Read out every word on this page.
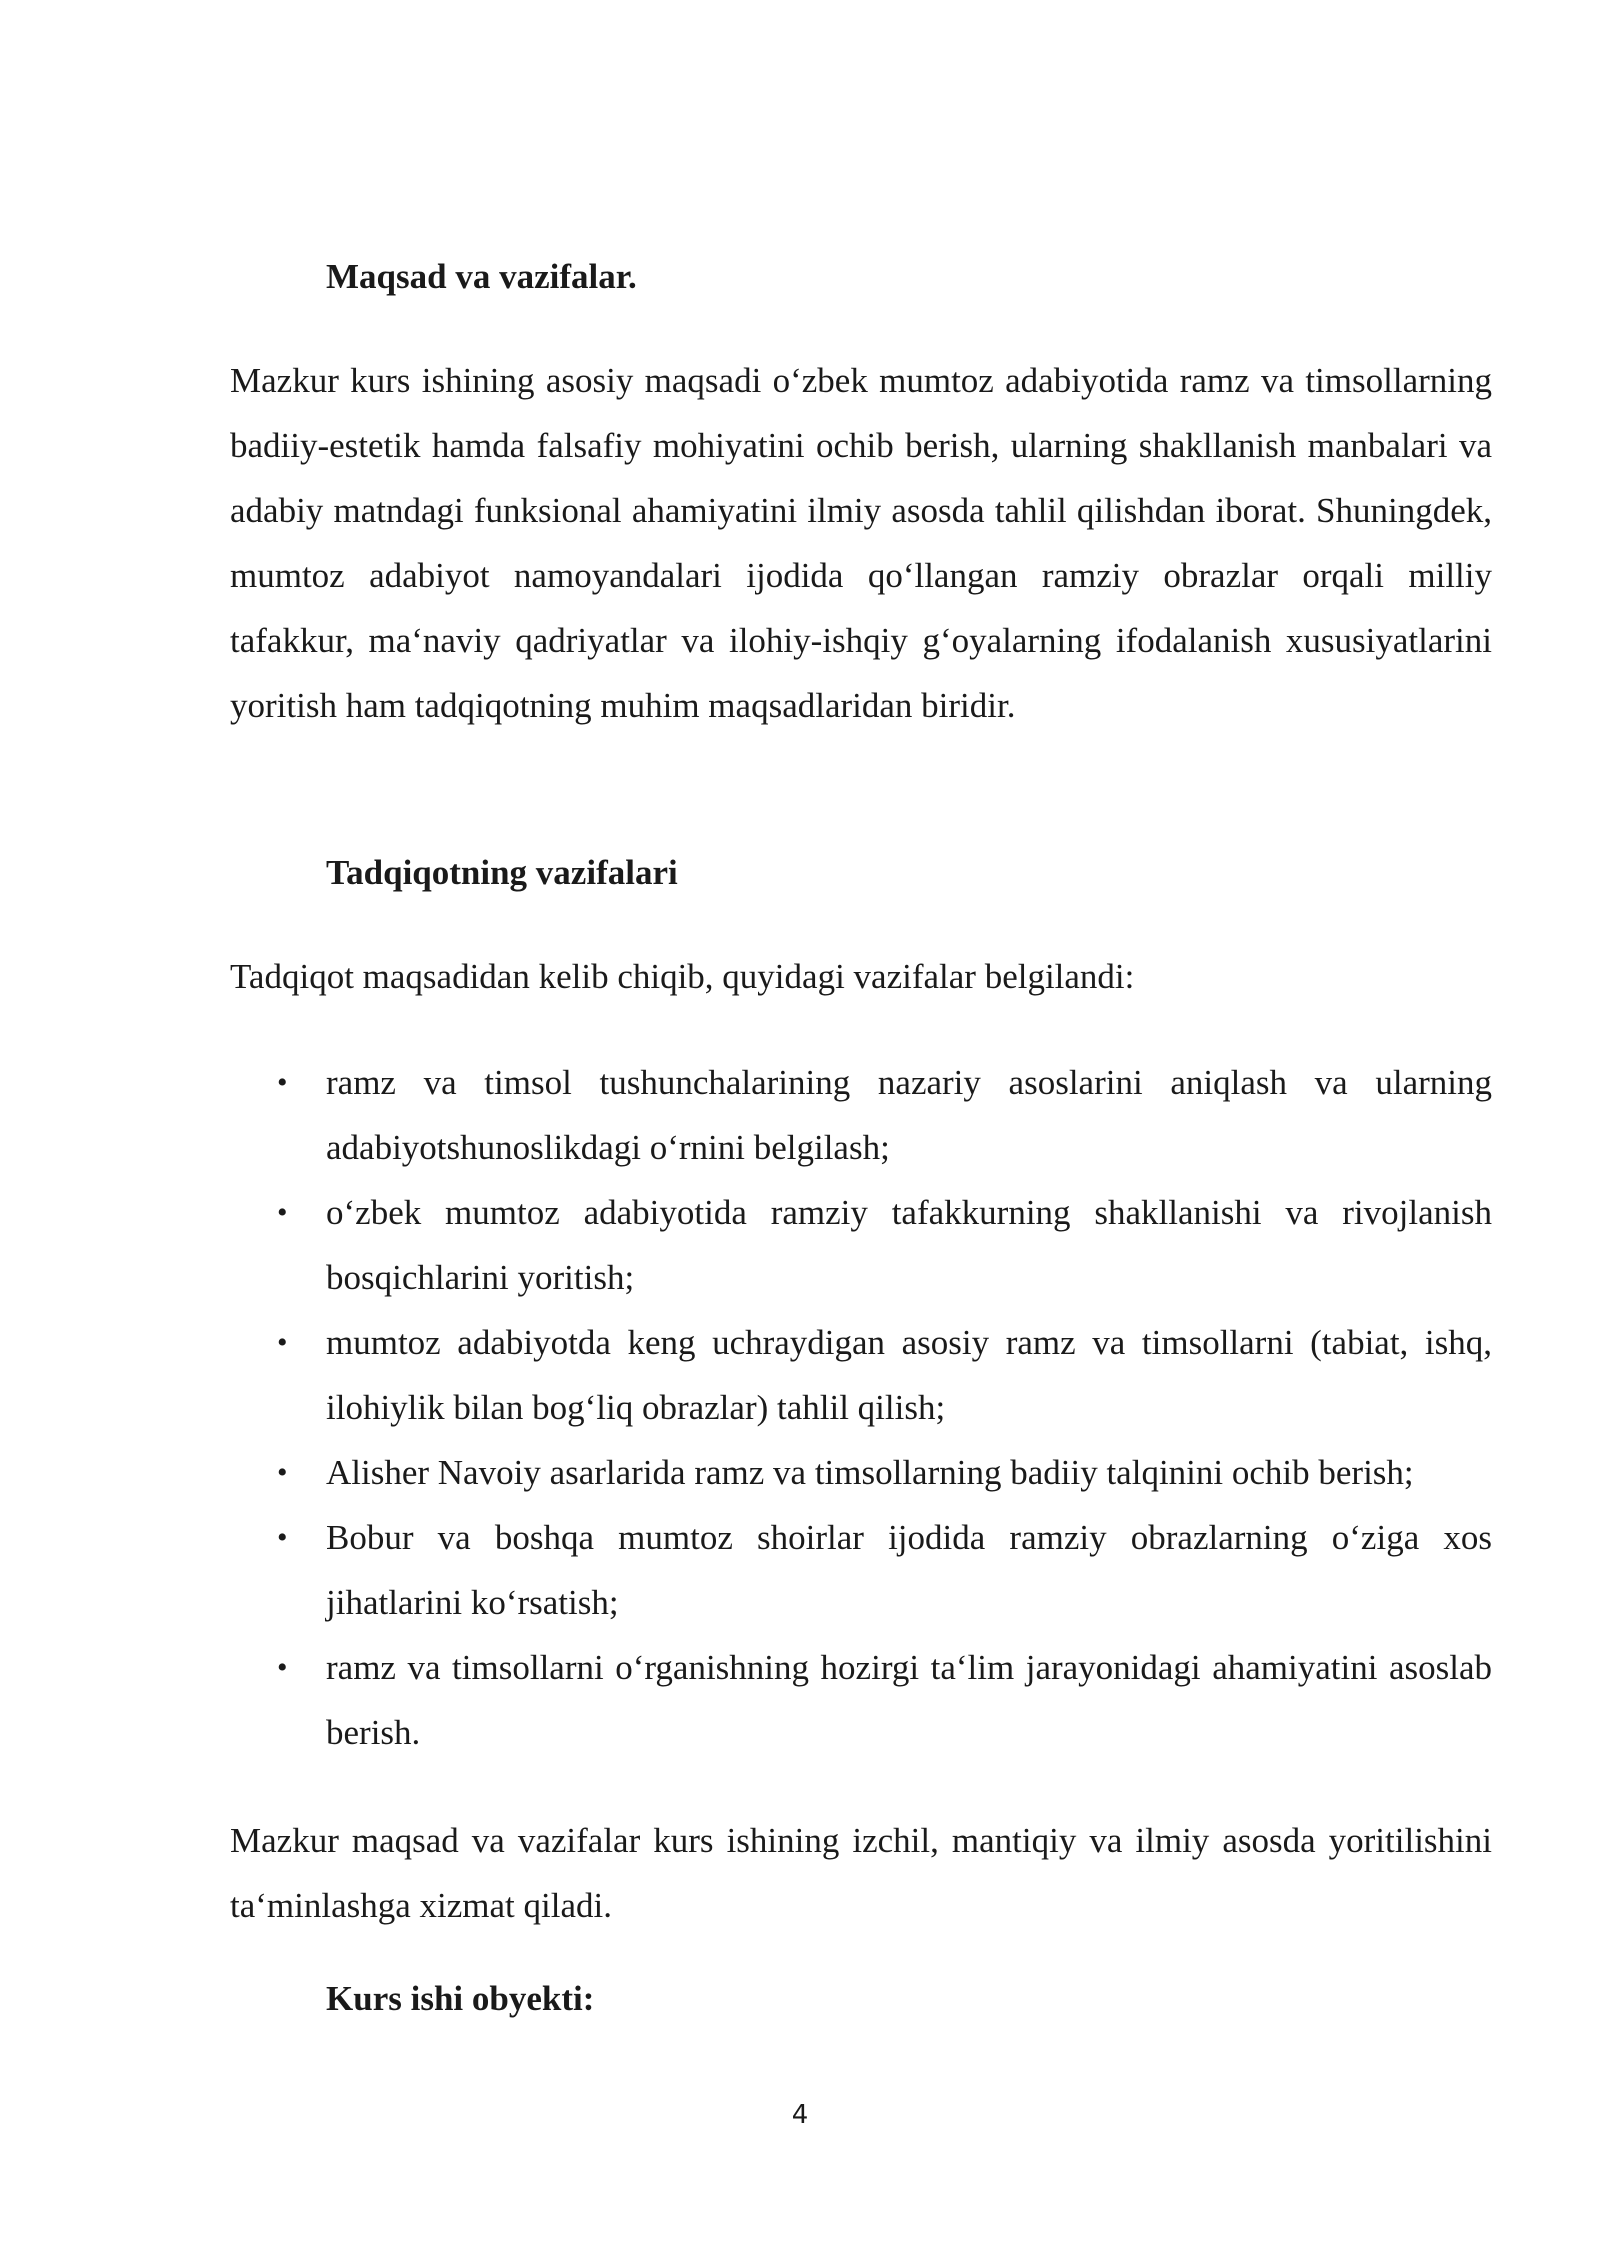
Maqsad va vazifalar.

Mazkur kurs ishining asosiy maqsadi o‘zbek mumtoz adabiyotida ramz va timsollarning badiiy-estetik hamda falsafiy mohiyatini ochib berish, ularning shakllanish manbalari va adabiy matndagi funksional ahamiyatini ilmiy asosda tahlil qilishdan iborat. Shuningdek, mumtoz adabiyot namoyandalari ijodida qo‘llangan ramziy obrazlar orqali milliy tafakkur, ma‘naviy qadriyatlar va ilohiy-ishqiy g‘oyalarning ifodalanish xususiyatlarini yoritish ham tadqiqotning muhim maqsadlaridan biridir.

Tadqiqotning vazifalari

Tadqiqot maqsadidan kelib chiqib, quyidagi vazifalar belgilandi:

• ramz va timsol tushunchalarining nazariy asoslarini aniqlash va ularning adabiyotshunoslikdagi o‘rnini belgilash;
• o‘zbek mumtoz adabiyotida ramziy tafakkurning shakllanishi va rivojlanish bosqichlarini yoritish;
• mumtoz adabiyotda keng uchraydigan asosiy ramz va timsollarni (tabiat, ishq, ilohiylik bilan bog‘liq obrazlar) tahlil qilish;
• Alisher Navoiy asarlarida ramz va timsollarning badiiy talqinini ochib berish;
• Bobur va boshqa mumtoz shoirlar ijodida ramziy obrazlarning o‘ziga xos jihatlarini ko‘rsatish;
• ramz va timsollarni o‘rganishning hozirgi ta‘lim jarayonidagi ahamiyatini asoslab berish.

Mazkur maqsad va vazifalar kurs ishining izchil, mantiqiy va ilmiy asosda yoritilishini ta‘minlashga xizmat qiladi.

Kurs ishi obyekti:
4
